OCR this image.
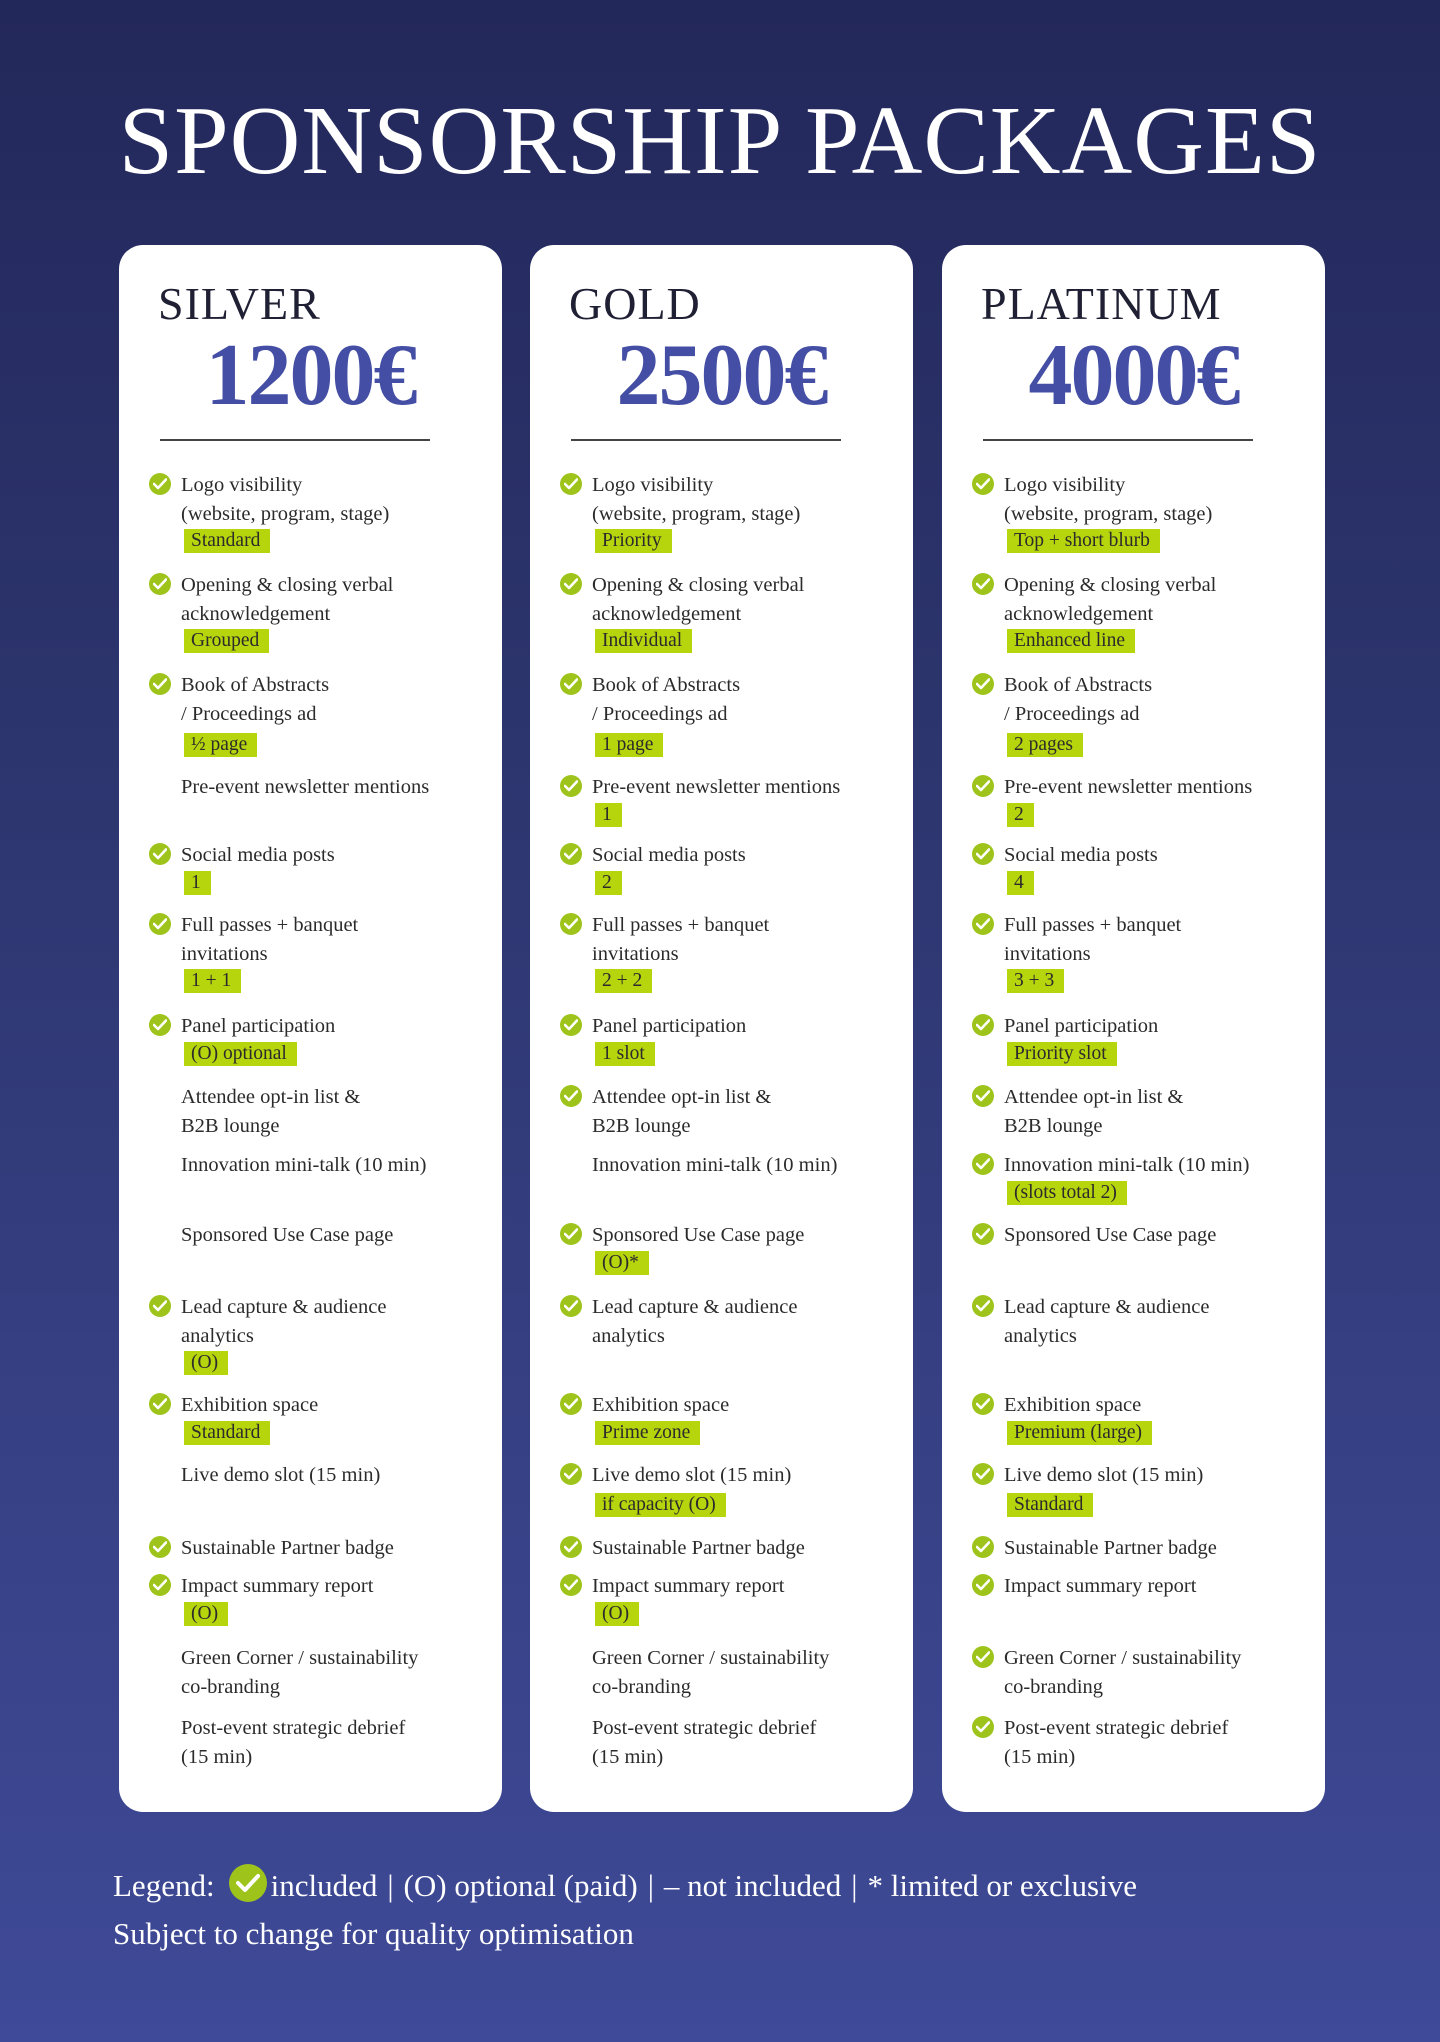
SPONSORSHIP PACKAGES
SILVER
1200€
Logo visibility
(website, program, stage)
Standard
Opening & closing verbal
acknowledgement
Grouped
Book of Abstracts
/ Proceedings ad
½ page
Pre-event newsletter mentions
Social media posts
1
Full passes + banquet
invitations
1 + 1
Panel participation
(O) optional
Attendee opt-in list &
B2B lounge
Innovation mini-talk (10 min)
Sponsored Use Case page
Lead capture & audience
analytics
(O)
Exhibition space
Standard
Live demo slot (15 min)
Sustainable Partner badge
Impact summary report
(O)
Green Corner / sustainability
co-branding
Post-event strategic debrief
(15 min)
GOLD
2500€
Logo visibility
(website, program, stage)
Priority
Opening & closing verbal
acknowledgement
Individual
Book of Abstracts
/ Proceedings ad
1 page
Pre-event newsletter mentions
1
Social media posts
2
Full passes + banquet
invitations
2 + 2
Panel participation
1 slot
Attendee opt-in list &
B2B lounge
Innovation mini-talk (10 min)
Sponsored Use Case page
(O)*
Lead capture & audience
analytics
Exhibition space
Prime zone
Live demo slot (15 min)
if capacity (O)
Sustainable Partner badge
Impact summary report
(O)
Green Corner / sustainability
co-branding
Post-event strategic debrief
(15 min)
PLATINUM
4000€
Logo visibility
(website, program, stage)
Top + short blurb
Opening & closing verbal
acknowledgement
Enhanced line
Book of Abstracts
/ Proceedings ad
2 pages
Pre-event newsletter mentions
2
Social media posts
4
Full passes + banquet
invitations
3 + 3
Panel participation
Priority slot
Attendee opt-in list &
B2B lounge
Innovation mini-talk (10 min)
(slots total 2)
Sponsored Use Case page
Lead capture & audience
analytics
Exhibition space
Premium (large)
Live demo slot (15 min)
Standard
Sustainable Partner badge
Impact summary report
Green Corner / sustainability
co-branding
Post-event strategic debrief
(15 min)
Legend: included | (O) optional (paid) | – not included | * limited or exclusive
Subject to change for quality optimisation
